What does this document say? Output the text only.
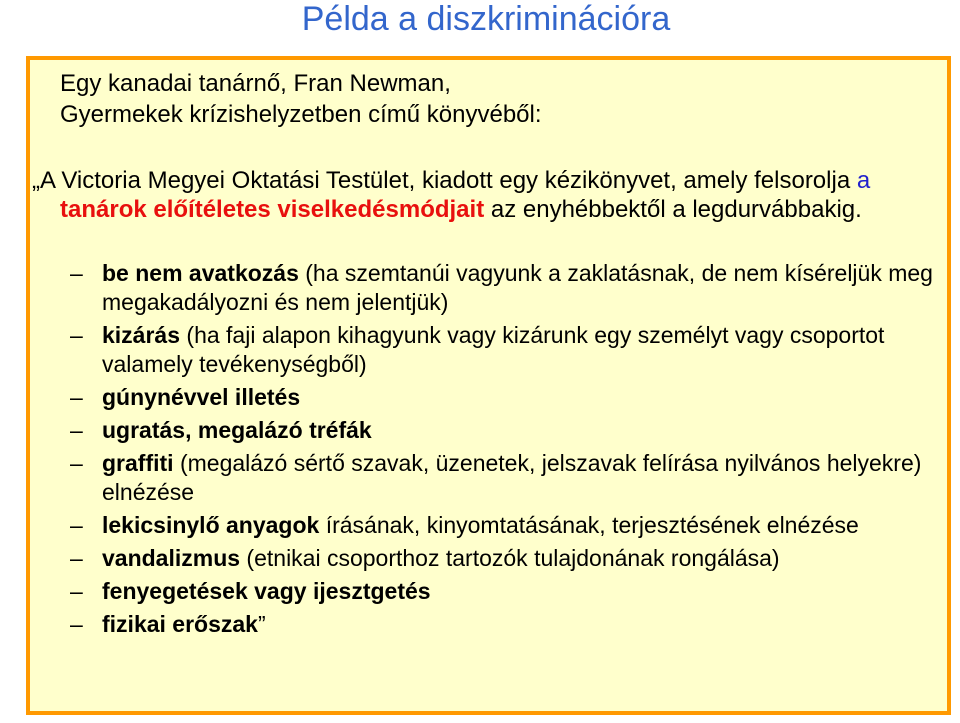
Példa a diszkriminációra
Egy kanadai tanárnő, Fran Newman,
Gyermekek krízishelyzetben című könyvéből:
„A Victoria Megyei Oktatási Testület, kiadott egy kézikönyvet, amely felsorolja a tanárok előítéletes viselkedésmódjait az enyhébbektől a legdurvábbakig.
– be nem avatkozás (ha szemtanúi vagyunk a zaklatásnak, de nem kíséreljük meg megakadályozni és nem jelentjük)
– kizárás (ha faji alapon kihagyunk vagy kizárunk egy személyt vagy csoportot valamely tevékenységből)
– gúnynévvel illetés
– ugratás, megalázó tréfák
– graffiti (megalázó sértő szavak, üzenetek, jelszavak felírása nyilvános helyekre) elnézése
– lekicsinylő anyagok írásának, kinyomtatásának, terjesztésének elnézése
– vandalizmus (etnikai csoporthoz tartozók tulajdonának rongálása)
– fenyegetések vagy ijesztgetés
– fizikai erőszak”
